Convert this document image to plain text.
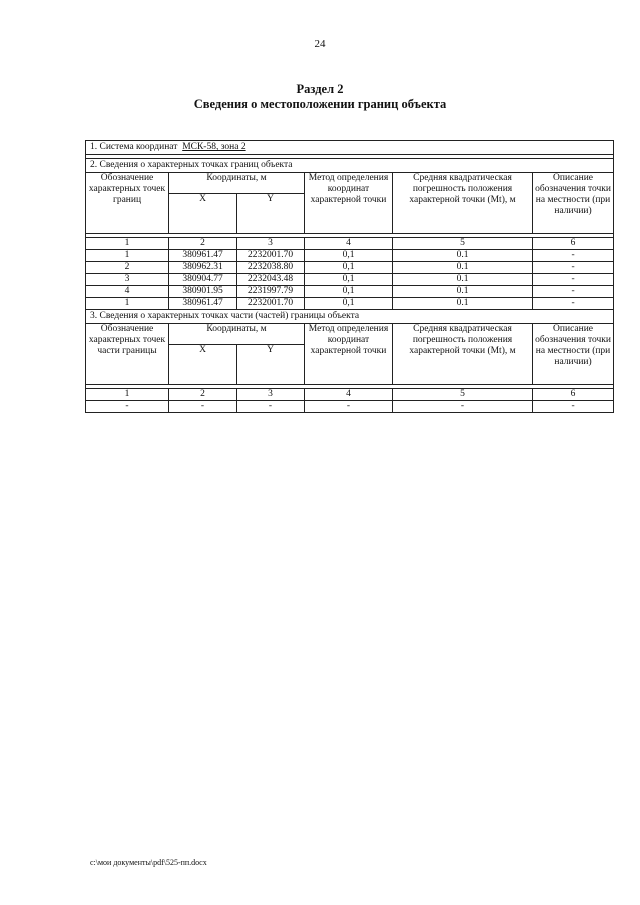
24
Раздел 2
Сведения о местоположении границ объекта
1. Система координат МСК-58, зона 2					

2. Сведения о характерных точках границ объекта					
Обозначение характерных точек границ	Координаты, м		Метод определения координат характерной точки	Средняя квадратическая погрешность положения характерной точки (Mt), м	Описание обозначения точки на местности (при наличии)
	X	Y			

1	2	3	4	5	6
1	380961.47	2232001.70	0,1	0.1	-
2	380962.31	2232038.80	0,1	0.1	-
3	380904.77	2232043.48	0,1	0.1	-
4	380901.95	2231997.79	0,1	0.1	-
1	380961.47	2232001.70	0,1	0.1	-
3. Сведения о характерных точках части (частей) границы объекта					
Обозначение характерных точек части границы	Координаты, м		Метод определения координат характерной точки	Средняя квадратическая погрешность положения характерной точки (Mt), м	Описание обозначения точки на местности (при наличии)
	X	Y			

1	2	3	4	5	6
-	-	-	-	-	-
c:\мои документы\pdf\525-пп.docx
